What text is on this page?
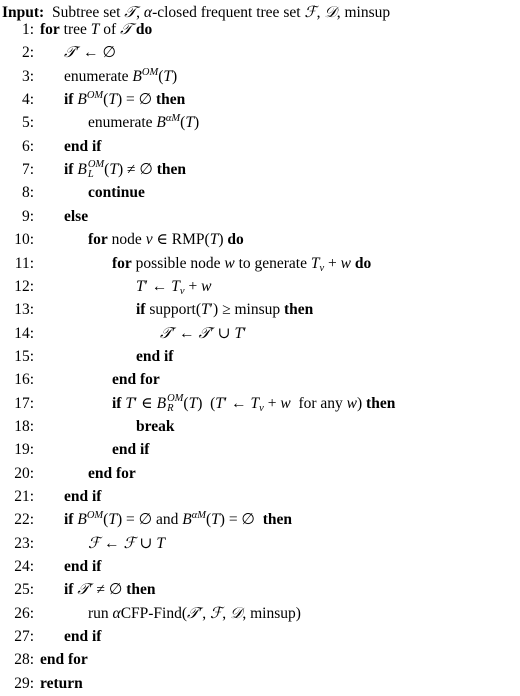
Input:  Subtree set 𝒯, α-closed frequent tree set ℱ, 𝒟, minsup
1: for tree T of 𝒯 do
2: 𝒯′ ← ∅
3: enumerate $B^{OM}(T)$
4: if $B^{OM}(T)$ = ∅ then
5:	enumerate $B^{\alpha M}(T)$
6: end if
7: if B OM
L (T) ≠ ∅ then
8:	continue
9: else
10:	for node v ∈ RMP(T) do
11:	for possible node w to generate $T_v + w$ do
12:	T′ ← $T_v + w$
13:	if support(T′) ≥ minsup then
14:	𝒯′ ← 𝒯′ ∪ T′
15:	end if
16:	end for
17:	if T′ ∈ B OM
R (T)  (T′ ← $T_v + w$  for any w) then
18:	break
19:	end if
20:	end for
21: end if
22: if $B^{OM}(T)$ = ∅ and $B^{\alpha M}(T)$ = ∅  then
23:	ℱ ← ℱ ∪ T
24: end if
25: if 𝒯′ ≠ ∅ then
26:	run αCFP-Find(𝒯′, ℱ, 𝒟, minsup)
27: end if
28: end for
29: return
